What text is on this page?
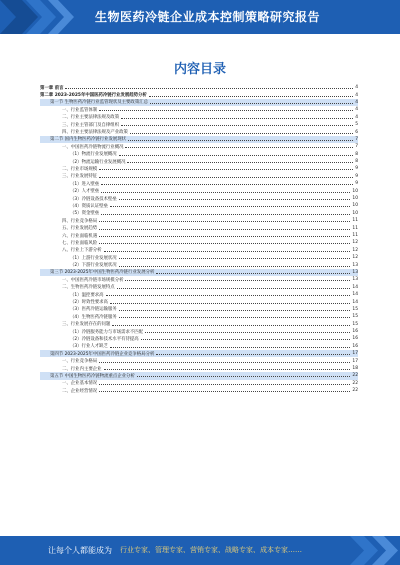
生物医药冷链企业成本控制策略研究报告
内容目录
第一章 前言	4
第二章 2023-2025年中国医药冷链行业发展趋势分析	4
第一节 生物医药冷链行业监管现状及主要政策汇总	4
一、行业监管体制	4
二、行业主要法律法规及政策	4
三、行业主管部门及自律组织	5
四、行业主要法律法规及产业政策	6
第二节 国内生物医药冷链行业发展现状	7
一、中国医药冷链物流行业概况	7
（1）物流行业发展概况	8
（2）物流运输行业发展概况	8
二、行业市场规模	9
三、行业发展特征	9
（1）进入壁垒	9
（2）人才壁垒	10
（3）冷链设备技术壁垒	10
（4）资质认证壁垒	10
（5）资金壁垒	10
四、行业竞争格局	11
五、行业发展趋势	11
六、行业面临机遇	11
七、行业面临风险	12
八、行业上下游分析	12
（1）上游行业发展状况	12
（2）下游行业发展状况	13
第三节 2023-2025年中国生物医药冷链行业发展分析	13
一、中国医药冷链市场规模分析	13
二、生物医药冷链发展特点	14
（1）温控要求高	14
（2）时效性要求高	14
（3）医药冷链运输服务	15
（4）生物医药冷链服务	15
三、行业发展存在的问题	15
（1）冷链服务能力与市场需求不匹配	16
（2）冷链设备和技术水平有待提高	16
（3）行业人才缺乏	16
第四节 2023-2025年中国医药冷链企业竞争格局分析	17
一、行业竞争格局	17
二、行业内主要企业	18
第五节 中国生物医药冷链物流重点企业分析	22
一、企业基本情况	22
二、企业经营情况	22
让每个人都能成为 行业专家、管理专家、营销专家、战略专家、成本专家……
